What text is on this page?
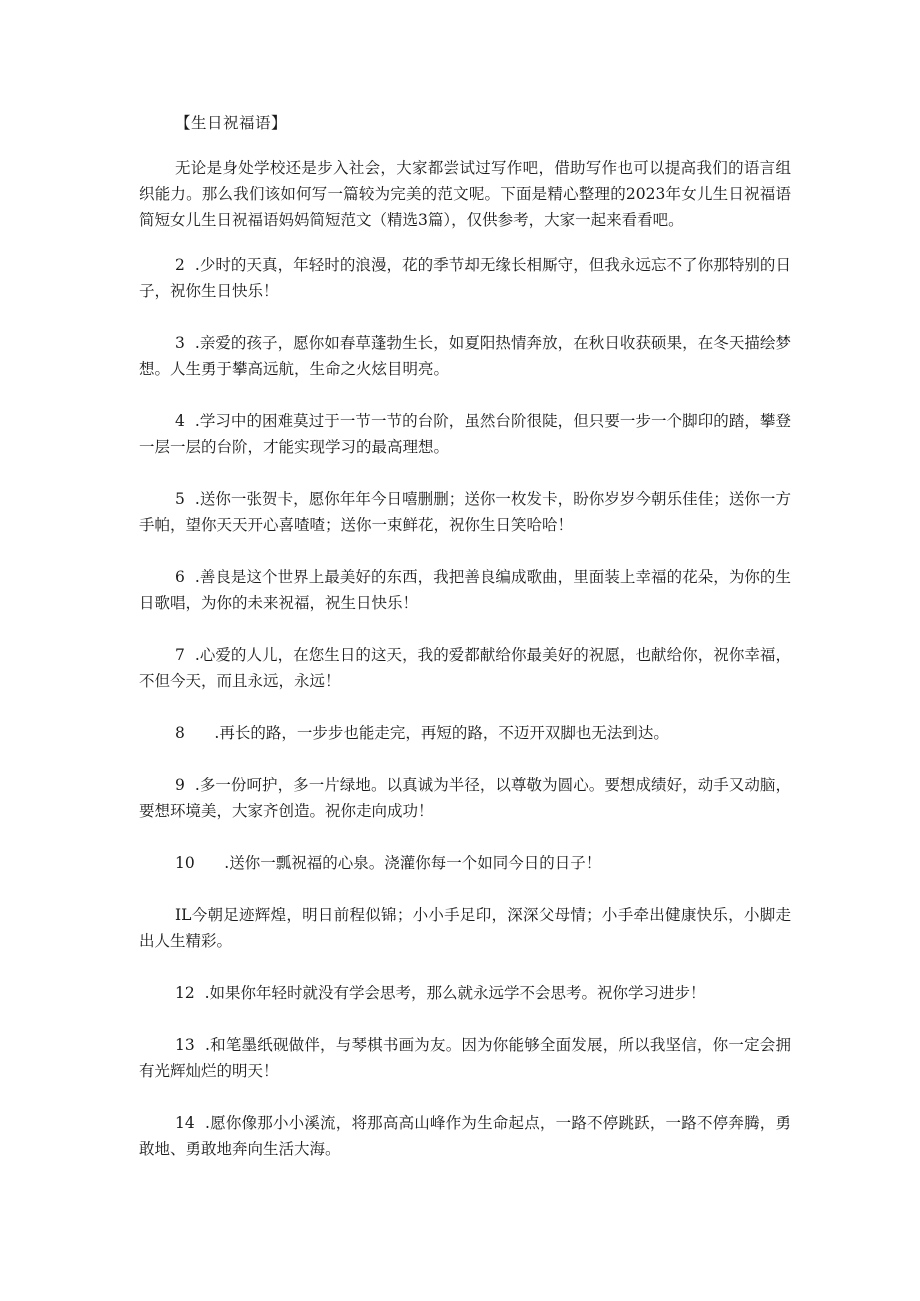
【生日祝福语】

无论是身处学校还是步入社会，大家都尝试过写作吧，借助写作也可以提高我们的语言组织能力。那么我们该如何写一篇较为完美的范文呢。下面是精心整理的2023年女儿生日祝福语简短女儿生日祝福语妈妈简短范文（精选3篇），仅供参考，大家一起来看看吧。

2  .少时的天真，年轻时的浪漫，花的季节却无缘长相厮守，但我永远忘不了你那特别的日子，祝你生日快乐！

3  .亲爱的孩子，愿你如春草蓬勃生长，如夏阳热情奔放，在秋日收获硕果，在冬天描绘梦想。人生勇于攀高远航，生命之火炫目明亮。

4  .学习中的困难莫过于一节一节的台阶，虽然台阶很陡，但只要一步一个脚印的踏，攀登一层一层的台阶，才能实现学习的最高理想。

5  .送你一张贺卡，愿你年年今日嘻删删；送你一枚发卡，盼你岁岁今朝乐佳佳；送你一方手帕，望你天天开心喜喳喳；送你一束鲜花，祝你生日笑哈哈！

6  .善良是这个世界上最美好的东西，我把善良编成歌曲，里面装上幸福的花朵，为你的生日歌唱，为你的未来祝福，祝生日快乐！

7  .心爱的人儿，在您生日的这天，我的爱都献给你最美好的祝愿，也献给你，祝你幸福，不但今天，而且永远，永远！

8      .再长的路，一步步也能走完，再短的路，不迈开双脚也无法到达。

9  .多一份呵护，多一片绿地。以真诚为半径，以尊敬为圆心。要想成绩好，动手又动脑，要想环境美，大家齐创造。祝你走向成功！

10      .送你一瓢祝福的心泉。浇灌你每一个如同今日的日子！

IL今朝足迹辉煌，明日前程似锦；小小手足印，深深父母情；小手牵出健康快乐，小脚走出人生精彩。

12  .如果你年轻时就没有学会思考，那么就永远学不会思考。祝你学习进步！

13  .和笔墨纸砚做伴，与琴棋书画为友。因为你能够全面发展，所以我坚信，你一定会拥有光辉灿烂的明天！

14  .愿你像那小小溪流，将那高高山峰作为生命起点，一路不停跳跃，一路不停奔腾，勇敢地、勇敢地奔向生活大海。
